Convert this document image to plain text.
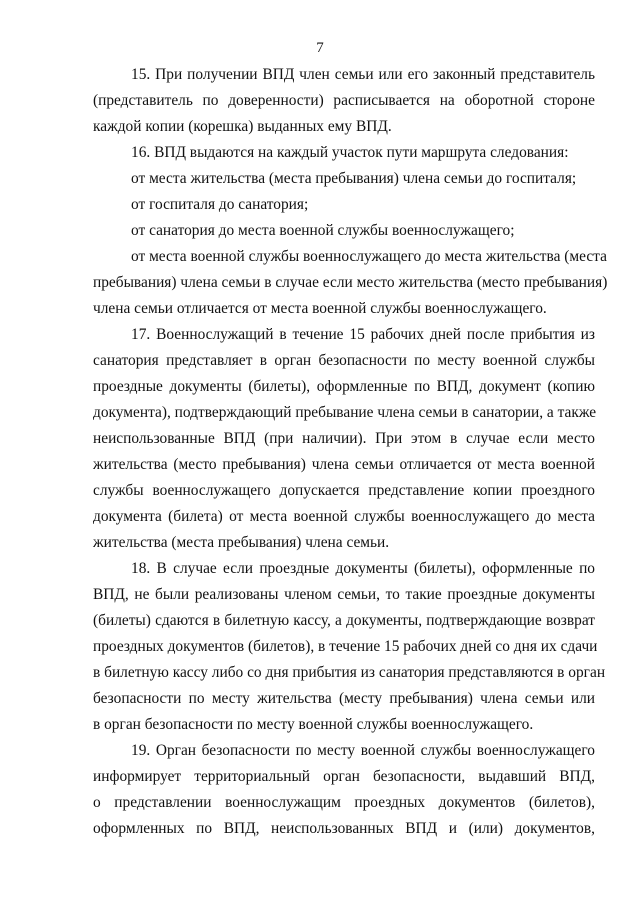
7
15. При получении ВПД член семьи или его законный представитель
(представитель по доверенности) расписывается на оборотной стороне
каждой копии (корешка) выданных ему ВПД.
16. ВПД выдаются на каждый участок пути маршрута следования:
от места жительства (места пребывания) члена семьи до госпиталя;
от госпиталя до санатория;
от санатория до места военной службы военнослужащего;
от места военной службы военнослужащего до места жительства (места
пребывания) члена семьи в случае если место жительства (место пребывания)
члена семьи отличается от места военной службы военнослужащего.
17. Военнослужащий в течение 15 рабочих дней после прибытия из
санатория представляет в орган безопасности по месту военной службы
проездные документы (билеты), оформленные по ВПД, документ (копию
документа), подтверждающий пребывание члена семьи в санатории, а также
неиспользованные ВПД (при наличии). При этом в случае если место
жительства (место пребывания) члена семьи отличается от места военной
службы военнослужащего допускается представление копии проездного
документа (билета) от места военной службы военнослужащего до места
жительства (места пребывания) члена семьи.
18. В случае если проездные документы (билеты), оформленные по
ВПД, не были реализованы членом семьи, то такие проездные документы
(билеты) сдаются в билетную кассу, а документы, подтверждающие возврат
проездных документов (билетов), в течение 15 рабочих дней со дня их сдачи
в билетную кассу либо со дня прибытия из санатория представляются в орган
безопасности по месту жительства (месту пребывания) члена семьи или
в орган безопасности по месту военной службы военнослужащего.
19. Орган безопасности по месту военной службы военнослужащего
информирует территориальный орган безопасности, выдавший ВПД,
о представлении военнослужащим проездных документов (билетов),
оформленных по ВПД, неиспользованных ВПД и (или) документов,
